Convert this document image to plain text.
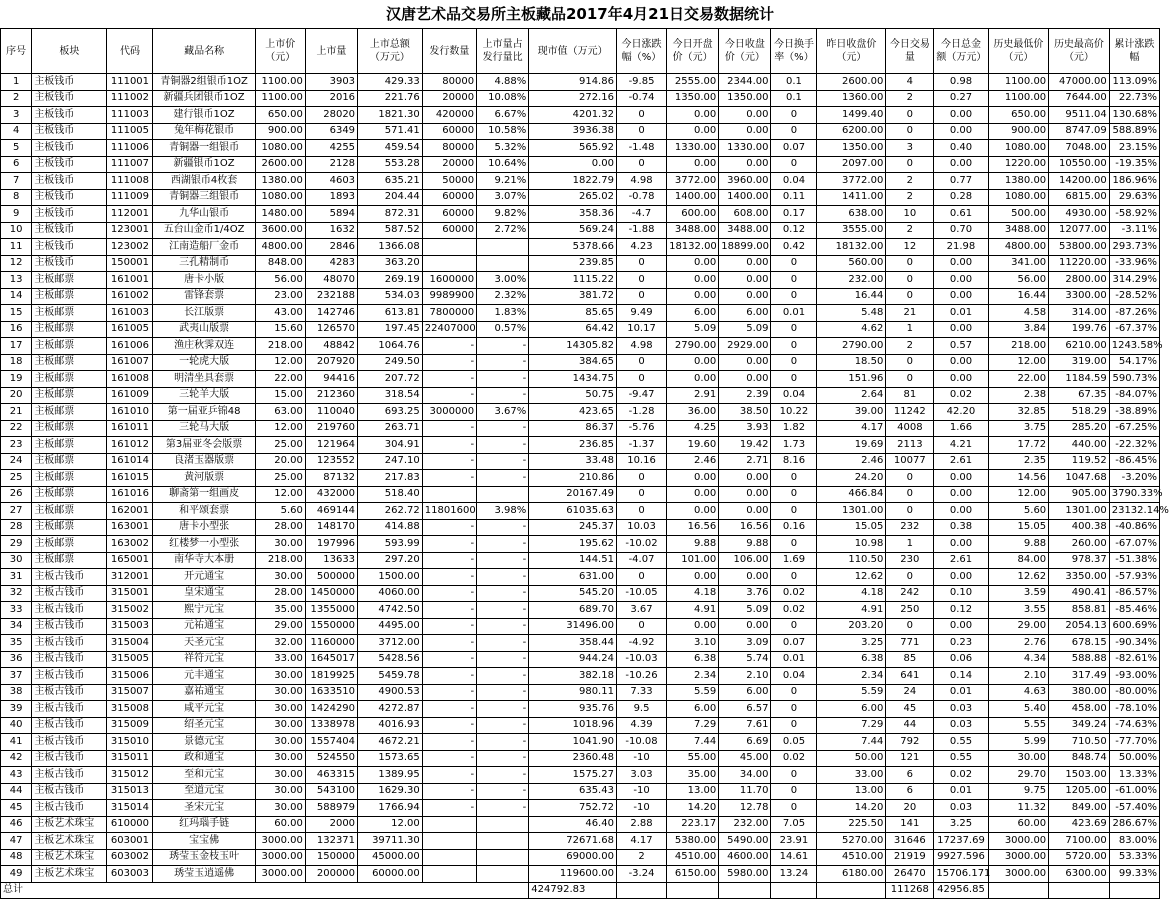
汉唐艺术品交易所主板藏品2017年4月21日交易数据统计
序号	板块	代码	藏品名称	上市价（元）	上市量	上市总额（万元）	发行数量	上市量占发行量比	现市值（万元）	今日涨跌幅（%）	今日开盘价（元）	今日收盘价（元）	今日换手率（%）	昨日收盘价（元）	今日交易量	今日总金额（万元）	历史最低价（元）	历史最高价（元）	累计涨跌幅
1	主板钱币	111001	青铜器2组银币1OZ	1100.00	3903	429.33	80000	4.88%	914.86	-9.85	2555.00	2344.00	0.1	2600.00	4	0.98	1100.00	47000.00	113.09%
2	主板钱币	111002	新疆兵团银币1OZ	1100.00	2016	221.76	20000	10.08%	272.16	-0.74	1350.00	1350.00	0.1	1360.00	2	0.27	1100.00	7644.00	22.73%
3	主板钱币	111003	建行银币1OZ	650.00	28020	1821.30	420000	6.67%	4201.32	0	0.00	0.00	0	1499.40	0	0.00	650.00	9511.04	130.68%
4	主板钱币	111005	兔年梅花银币	900.00	6349	571.41	60000	10.58%	3936.38	0	0.00	0.00	0	6200.00	0	0.00	900.00	8747.09	588.89%
5	主板钱币	111006	青铜器一组银币	1080.00	4255	459.54	80000	5.32%	565.92	-1.48	1330.00	1330.00	0.07	1350.00	3	0.40	1080.00	7048.00	23.15%
6	主板钱币	111007	新疆银币1OZ	2600.00	2128	553.28	20000	10.64%	0.00	0	0.00	0.00	0	2097.00	0	0.00	1220.00	10550.00	-19.35%
7	主板钱币	111008	西湖银币4枚套	1380.00	4603	635.21	50000	9.21%	1822.79	4.98	3772.00	3960.00	0.04	3772.00	2	0.77	1380.00	14200.00	186.96%
8	主板钱币	111009	青铜器三组银币	1080.00	1893	204.44	60000	3.07%	265.02	-0.78	1400.00	1400.00	0.11	1411.00	2	0.28	1080.00	6815.00	29.63%
9	主板钱币	112001	九华山银币	1480.00	5894	872.31	60000	9.82%	358.36	-4.7	600.00	608.00	0.17	638.00	10	0.61	500.00	4930.00	-58.92%
10	主板钱币	123001	五台山金币1/4OZ	3600.00	1632	587.52	60000	2.72%	569.24	-1.88	3488.00	3488.00	0.12	3555.00	2	0.70	3488.00	12077.00	-3.11%
11	主板钱币	123002	江南造船厂金币	4800.00	2846	1366.08			5378.66	4.23	18132.00	18899.00	0.42	18132.00	12	21.98	4800.00	53800.00	293.73%
12	主板钱币	150001	三孔精制币	848.00	4283	363.20			239.85	0	0.00	0.00	0	560.00	0	0.00	341.00	11220.00	-33.96%
13	主板邮票	161001	唐卡小版	56.00	48070	269.19	1600000	3.00%	1115.22	0	0.00	0.00	0	232.00	0	0.00	56.00	2800.00	314.29%
14	主板邮票	161002	雷锋套票	23.00	232188	534.03	9989900	2.32%	381.72	0	0.00	0.00	0	16.44	0	0.00	16.44	3300.00	-28.52%
15	主板邮票	161003	长江版票	43.00	142746	613.81	7800000	1.83%	85.65	9.49	6.00	6.00	0.01	5.48	21	0.01	4.58	314.00	-87.26%
16	主板邮票	161005	武夷山版票	15.60	126570	197.45	22407000	0.57%	64.42	10.17	5.09	5.09	0	4.62	1	0.00	3.84	199.76	-67.37%
17	主板邮票	161006	渔庄秋霁双连	218.00	48842	1064.76	-	-	14305.82	4.98	2790.00	2929.00	0	2790.00	2	0.57	218.00	6210.00	1243.58%
18	主板邮票	161007	一轮虎大版	12.00	207920	249.50	-	-	384.65	0	0.00	0.00	0	18.50	0	0.00	12.00	319.00	54.17%
19	主板邮票	161008	明清坐具套票	22.00	94416	207.72	-	-	1434.75	0	0.00	0.00	0	151.96	0	0.00	22.00	1184.59	590.73%
20	主板邮票	161009	三轮羊大版	15.00	212360	318.54	-	-	50.75	-9.47	2.91	2.39	0.04	2.64	81	0.02	2.38	67.35	-84.07%
21	主板邮票	161010	第一届亚乒锦48	63.00	110040	693.25	3000000	3.67%	423.65	-1.28	36.00	38.50	10.22	39.00	11242	42.20	32.85	518.29	-38.89%
22	主板邮票	161011	三轮马大版	12.00	219760	263.71	-	-	86.37	-5.76	4.25	3.93	1.82	4.17	4008	1.66	3.75	285.20	-67.25%
23	主板邮票	161012	第3届亚冬会版票	25.00	121964	304.91	-	-	236.85	-1.37	19.60	19.42	1.73	19.69	2113	4.21	17.72	440.00	-22.32%
24	主板邮票	161014	良渚玉器版票	20.00	123552	247.10	-	-	33.48	10.16	2.46	2.71	8.16	2.46	10077	2.61	2.35	119.52	-86.45%
25	主板邮票	161015	黄河版票	25.00	87132	217.83	-	-	210.86	0	0.00	0.00	0	24.20	0	0.00	14.56	1047.68	-3.20%
26	主板邮票	161016	聊斋第一组画皮	12.00	432000	518.40			20167.49	0	0.00	0.00	0	466.84	0	0.00	12.00	905.00	3790.33%
27	主板邮票	162001	和平颂套票	5.60	469144	262.72	11801600	3.98%	61035.63	0	0.00	0.00	0	1301.00	0	0.00	5.60	1301.00	23132.14%
28	主板邮票	163001	唐卡小型张	28.00	148170	414.88	-	-	245.37	10.03	16.56	16.56	0.16	15.05	232	0.38	15.05	400.38	-40.86%
29	主板邮票	163002	红楼梦一小型张	30.00	197996	593.99	-	-	195.62	-10.02	9.88	9.88	0	10.98	1	0.00	9.88	260.00	-67.07%
30	主板邮票	165001	南华寺大本册	218.00	13633	297.20	-	-	144.51	-4.07	101.00	106.00	1.69	110.50	230	2.61	84.00	978.37	-51.38%
31	主板古钱币	312001	开元通宝	30.00	500000	1500.00	-	-	631.00	0	0.00	0.00	0	12.62	0	0.00	12.62	3350.00	-57.93%
32	主板古钱币	315001	皇宋通宝	28.00	1450000	4060.00	-	-	545.20	-10.05	4.18	3.76	0.02	4.18	242	0.10	3.59	490.41	-86.57%
33	主板古钱币	315002	熙宁元宝	35.00	1355000	4742.50	-	-	689.70	3.67	4.91	5.09	0.02	4.91	250	0.12	3.55	858.81	-85.46%
34	主板古钱币	315003	元祐通宝	29.00	1550000	4495.00	-	-	31496.00	0	0.00	0.00	0	203.20	0	0.00	29.00	2054.13	600.69%
35	主板古钱币	315004	天圣元宝	32.00	1160000	3712.00	-	-	358.44	-4.92	3.10	3.09	0.07	3.25	771	0.23	2.76	678.15	-90.34%
36	主板古钱币	315005	祥符元宝	33.00	1645017	5428.56	-	-	944.24	-10.03	6.38	5.74	0.01	6.38	85	0.06	4.34	588.88	-82.61%
37	主板古钱币	315006	元丰通宝	30.00	1819925	5459.78	-	-	382.18	-10.26	2.34	2.10	0.04	2.34	641	0.14	2.10	317.49	-93.00%
38	主板古钱币	315007	嘉祐通宝	30.00	1633510	4900.53	-	-	980.11	7.33	5.59	6.00	0	5.59	24	0.01	4.63	380.00	-80.00%
39	主板古钱币	315008	咸平元宝	30.00	1424290	4272.87	-	-	935.76	9.5	6.00	6.57	0	6.00	45	0.03	5.40	458.00	-78.10%
40	主板古钱币	315009	绍圣元宝	30.00	1338978	4016.93	-	-	1018.96	4.39	7.29	7.61	0	7.29	44	0.03	5.55	349.24	-74.63%
41	主板古钱币	315010	景德元宝	30.00	1557404	4672.21	-	-	1041.90	-10.08	7.44	6.69	0.05	7.44	792	0.55	5.99	710.50	-77.70%
42	主板古钱币	315011	政和通宝	30.00	524550	1573.65	-	-	2360.48	-10	55.00	45.00	0.02	50.00	121	0.55	30.00	848.74	50.00%
43	主板古钱币	315012	至和元宝	30.00	463315	1389.95	-	-	1575.27	3.03	35.00	34.00	0	33.00	6	0.02	29.70	1503.00	13.33%
44	主板古钱币	315013	至道元宝	30.00	543100	1629.30	-	-	635.43	-10	13.00	11.70	0	13.00	6	0.01	9.75	1205.00	-61.00%
45	主板古钱币	315014	圣宋元宝	30.00	588979	1766.94	-	-	752.72	-10	14.20	12.78	0	14.20	20	0.03	11.32	849.00	-57.40%
46	主板艺术珠宝	610000	红玛瑙手链	60.00	2000	12.00			46.40	2.88	223.17	232.00	7.05	225.50	141	3.25	60.00	423.69	286.67%
47	主板艺术珠宝	603001	宝宝佛	3000.00	132371	39711.30			72671.68	4.17	5380.00	5490.00	23.91	5270.00	31646	17237.69	3000.00	7100.00	83.00%
48	主板艺术珠宝	603002	琇莹玉金枝玉叶	3000.00	150000	45000.00			69000.00	2	4510.00	4600.00	14.61	4510.00	21919	9927.596	3000.00	5720.00	53.33%
49	主板艺术珠宝	603003	琇莹玉逍遥佛	3000.00	200000	60000.00			119600.00	-3.24	6150.00	5980.00	13.24	6180.00	26470	15706.171	3000.00	6300.00	99.33%
总计									424792.83						111268	42956.85			
